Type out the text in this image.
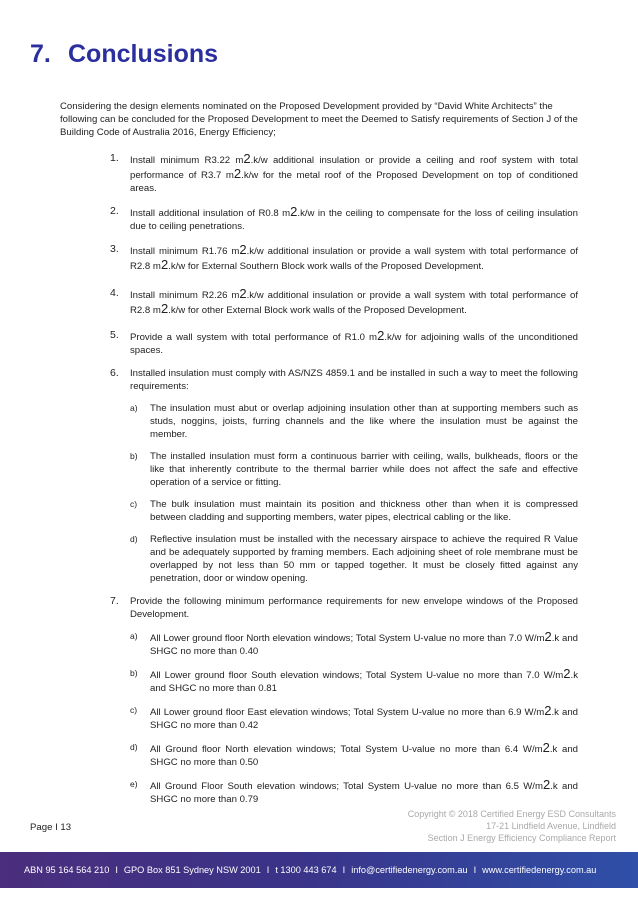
7. Conclusions

Considering the design elements nominated on the Proposed Development provided by “David White Architects” the following can be concluded for the Proposed Development to meet the Deemed to Satisfy requirements of Section J of the Building Code of Australia 2016, Energy Efficiency;

1. Install minimum R3.22 m2.k/w additional insulation or provide a ceiling and roof system with total performance of R3.7 m2.k/w for the metal roof of the Proposed Development on top of conditioned areas.
2. Install additional insulation of R0.8 m2.k/w in the ceiling to compensate for the loss of ceiling insulation due to ceiling penetrations.
3. Install minimum R1.76 m2.k/w additional insulation or provide a wall system with total performance of R2.8 m2.k/w for External Southern Block work walls of the Proposed Development.
4. Install minimum R2.26 m2.k/w additional insulation or provide a wall system with total performance of R2.8 m2.k/w for other External Block work walls of the Proposed Development.
5. Provide a wall system with total performance of R1.0 m2.k/w for adjoining walls of the unconditioned spaces.
6. Installed insulation must comply with AS/NZS 4859.1 and be installed in such a way to meet the following requirements:
a) The insulation must abut or overlap adjoining insulation other than at supporting members such as studs, noggins, joists, furring channels and the like where the insulation must be against the member.
b) The installed insulation must form a continuous barrier with ceiling, walls, bulkheads, floors or the like that inherently contribute to the thermal barrier while does not affect the safe and effective operation of a service or fitting.
c) The bulk insulation must maintain its position and thickness other than when it is compressed between cladding and supporting members, water pipes, electrical cabling or the like.
d) Reflective insulation must be installed with the necessary airspace to achieve the required R Value and be adequately supported by framing members. Each adjoining sheet of role membrane must be overlapped by not less than 50 mm or tapped together. It must be closely fitted against any penetration, door or window opening.
7. Provide the following minimum performance requirements for new envelope windows of the Proposed Development.
a) All Lower ground floor North elevation windows; Total System U-value no more than 7.0 W/m2.k and SHGC no more than 0.40
b) All Lower ground floor South elevation windows; Total System U-value no more than 7.0 W/m2.k and SHGC no more than 0.81
c) All Lower ground floor East elevation windows; Total System U-value no more than 6.9 W/m2.k and SHGC no more than 0.42
d) All Ground floor North elevation windows; Total System U-value no more than 6.4 W/m2.k and SHGC no more than 0.50
e) All Ground Floor South elevation windows; Total System U-value no more than 6.5 W/m2.k and SHGC no more than 0.79
Copyright © 2018 Certified Energy ESD Consultants
17-21 Lindfield Avenue, Lindfield
Section J Energy Efficiency Compliance Report

Page I 13

ABN 95 164 564 210 I GPO Box 851 Sydney NSW 2001 I t 1300 443 674 I info@certifiedenergy.com.au I www.certifiedenergy.com.au
